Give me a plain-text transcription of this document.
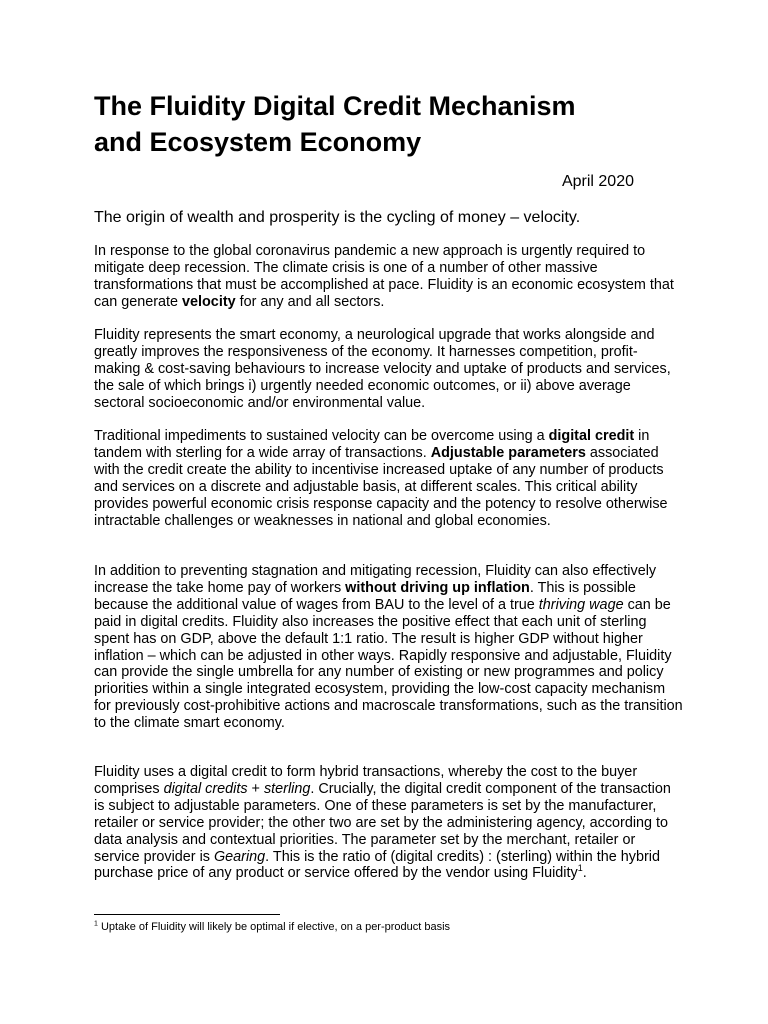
The Fluidity Digital Credit Mechanism
and Ecosystem Economy
April 2020

The origin of wealth and prosperity is the cycling of money – velocity.

In response to the global coronavirus pandemic a new approach is urgently required to mitigate deep recession. The climate crisis is one of a number of other massive transformations that must be accomplished at pace. Fluidity is an economic ecosystem that can generate velocity for any and all sectors.

Fluidity represents the smart economy, a neurological upgrade that works alongside and greatly improves the responsiveness of the economy. It harnesses competition, profit-making & cost-saving behaviours to increase velocity and uptake of products and services, the sale of which brings i) urgently needed economic outcomes, or ii) above average sectoral socioeconomic and/or environmental value.

Traditional impediments to sustained velocity can be overcome using a digital credit in tandem with sterling for a wide array of transactions. Adjustable parameters associated with the credit create the ability to incentivise increased uptake of any number of products and services on a discrete and adjustable basis, at different scales. This critical ability provides powerful economic crisis response capacity and the potency to resolve otherwise intractable challenges or weaknesses in national and global economies.

In addition to preventing stagnation and mitigating recession, Fluidity can also effectively increase the take home pay of workers without driving up inflation. This is possible because the additional value of wages from BAU to the level of a true thriving wage can be paid in digital credits. Fluidity also increases the positive effect that each unit of sterling spent has on GDP, above the default 1:1 ratio. The result is higher GDP without higher inflation – which can be adjusted in other ways. Rapidly responsive and adjustable, Fluidity can provide the single umbrella for any number of existing or new programmes and policy priorities within a single integrated ecosystem, providing the low-cost capacity mechanism for previously cost-prohibitive actions and macroscale transformations, such as the transition to the climate smart economy.

Fluidity uses a digital credit to form hybrid transactions, whereby the cost to the buyer comprises digital credits + sterling. Crucially, the digital credit component of the transaction is subject to adjustable parameters. One of these parameters is set by the manufacturer, retailer or service provider; the other two are set by the administering agency, according to data analysis and contextual priorities. The parameter set by the merchant, retailer or service provider is Gearing. This is the ratio of (digital credits) : (sterling) within the hybrid purchase price of any product or service offered by the vendor using Fluidity$^1$.

$^1$ Uptake of Fluidity will likely be optimal if elective, on a per-product basis
